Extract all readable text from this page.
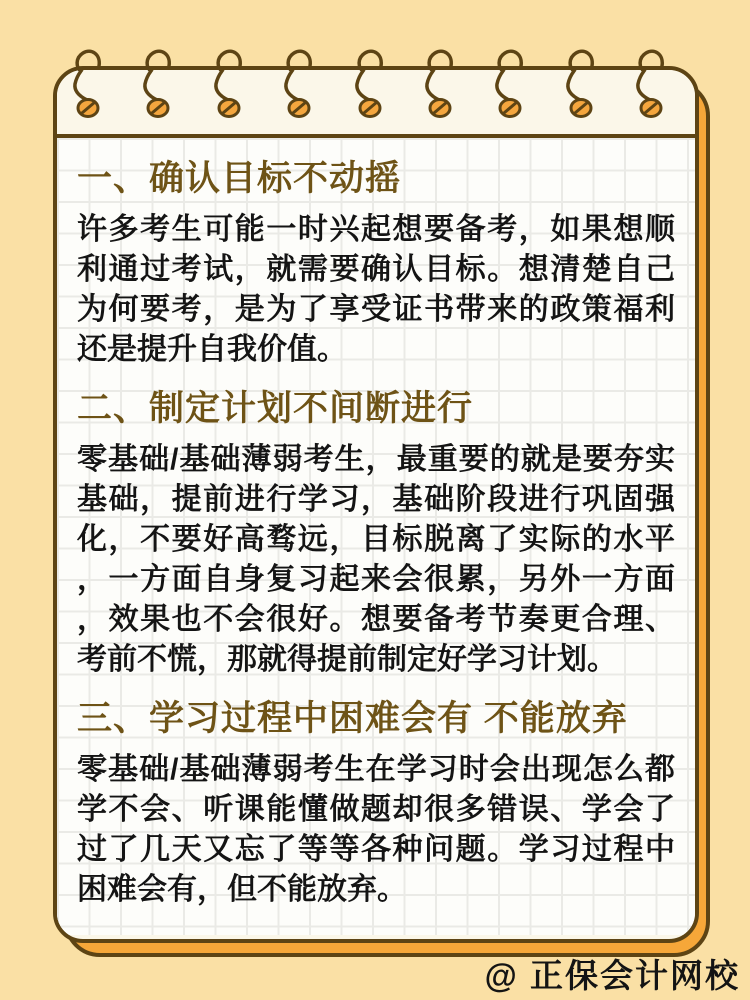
一、确认目标不动摇

许多考生可能一时兴起想要备考，如果想顺利通过考试，就需要确认目标。想清楚自己为何要考，是为了享受证书带来的政策福利还是提升自我价值。

二、制定计划不间断进行

零基础/基础薄弱考生，最重要的就是要夯实基础，提前进行学习，基础阶段进行巩固强化，不要好高骛远，目标脱离了实际的水平，一方面自身复习起来会很累，另外一方面，效果也不会很好。想要备考节奏更合理、考前不慌，那就得提前制定好学习计划。

三、学习过程中困难会有 不能放弃

零基础/基础薄弱考生在学习时会出现怎么都学不会、听课能懂做题却很多错误、学会了过了几天又忘了等等各种问题。学习过程中困难会有，但不能放弃。

@ 正保会计网校
